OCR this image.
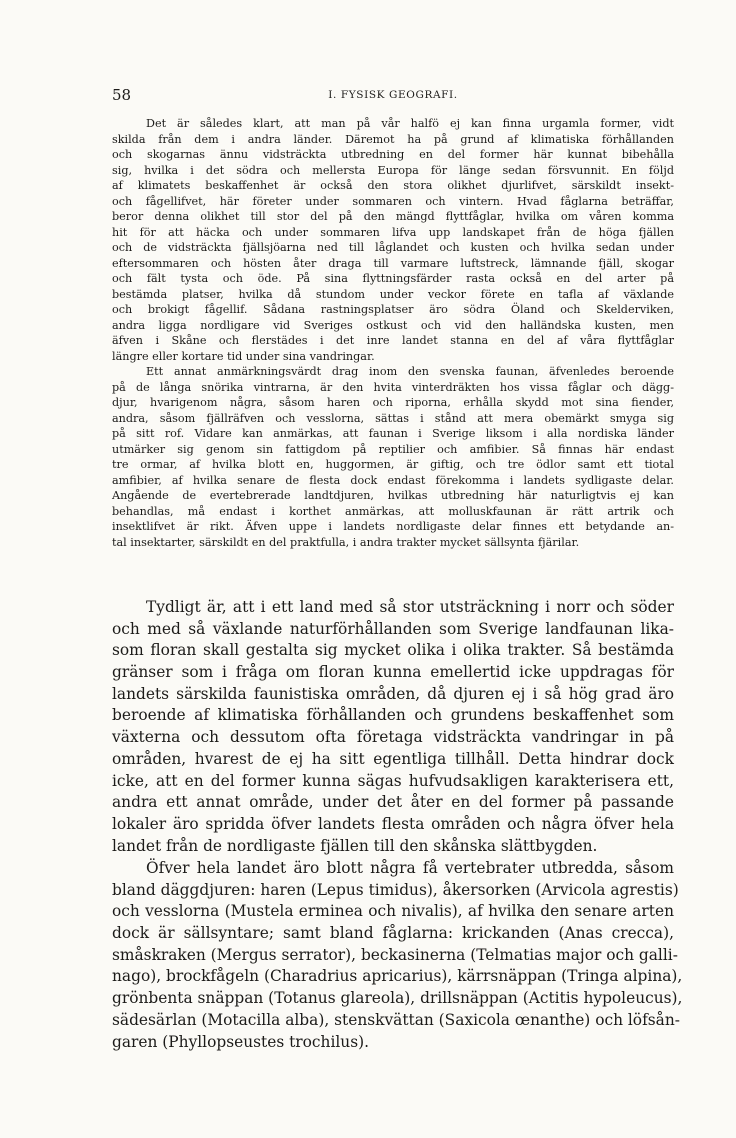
58	I. FYSISK GEOGRAFI.
Det är således klart, att man på vår halfö ej kan finna urgamla former, vidt
skilda från dem i andra länder. Däremot ha på grund af klimatiska förhållanden
och skogarnas ännu vidsträckta utbredning en del former här kunnat bibehålla
sig, hvilka i det södra och mellersta Europa för länge sedan försvunnit. En följd
af klimatets beskaffenhet är också den stora olikhet djurlifvet, särskildt insekt-
och fågellifvet, här företer under sommaren och vintern. Hvad fåglarna beträffar,
beror denna olikhet till stor del på den mängd flyttfåglar, hvilka om våren komma
hit för att häcka och under sommaren lifva upp landskapet från de höga fjällen
och de vidsträckta fjällsjöarna ned till låglandet och kusten och hvilka sedan under
eftersommaren och hösten åter draga till varmare luftstreck, lämnande fjäll, skogar
och fält tysta och öde. På sina flyttningsfärder rasta också en del arter på
bestämda platser, hvilka då stundom under veckor förete en tafla af växlande
och brokigt fågellif. Sådana rastningsplatser äro södra Öland och Skelderviken,
andra ligga nordligare vid Sveriges ostkust och vid den halländska kusten, men
äfven i Skåne och flerstädes i det inre landet stanna en del af våra flyttfåglar
längre eller kortare tid under sina vandringar.
Ett annat anmärkningsvärdt drag inom den svenska faunan, äfvenledes beroende
på de långa snörika vintrarna, är den hvita vinterdräkten hos vissa fåglar och dägg-
djur, hvarigenom några, såsom haren och riporna, erhålla skydd mot sina fiender,
andra, såsom fjällräfven och vesslorna, sättas i stånd att mera obemärkt smyga sig
på sitt rof. Vidare kan anmärkas, att faunan i Sverige liksom i alla nordiska länder
utmärker sig genom sin fattigdom på reptilier och amfibier. Så finnas här endast
tre ormar, af hvilka blott en, huggormen, är giftig, och tre ödlor samt ett tiotal
amfibier, af hvilka senare de flesta dock endast förekomma i landets sydligaste delar.
Angående de evertebrerade landtdjuren, hvilkas utbredning här naturligtvis ej kan
behandlas, må endast i korthet anmärkas, att molluskfaunan är rätt artrik och
insektlifvet är rikt. Äfven uppe i landets nordligaste delar finnes ett betydande an-
tal insektarter, särskildt en del praktfulla, i andra trakter mycket sällsynta fjärilar.
Tydligt är, att i ett land med så stor utsträckning i norr och söder
och med så växlande naturförhållanden som Sverige landfaunan lika-
som floran skall gestalta sig mycket olika i olika trakter. Så bestämda
gränser som i fråga om floran kunna emellertid icke uppdragas för
landets särskilda faunistiska områden, då djuren ej i så hög grad äro
beroende af klimatiska förhållanden och grundens beskaffenhet som
växterna och dessutom ofta företaga vidsträckta vandringar in på
områden, hvarest de ej ha sitt egentliga tillhåll. Detta hindrar dock
icke, att en del former kunna sägas hufvudsakligen karakterisera ett,
andra ett annat område, under det åter en del former på passande
lokaler äro spridda öfver landets flesta områden och några öfver hela
landet från de nordligaste fjällen till den skånska slättbygden.
Öfver hela landet äro blott några få vertebrater utbredda, såsom
bland däggdjuren: haren (Lepus timidus), åkersorken (Arvicola agrestis)
och vesslorna (Mustela erminea och nivalis), af hvilka den senare arten
dock är sällsyntare; samt bland fåglarna: krickanden (Anas crecca),
småskraken (Mergus serrator), beckasinerna (Telmatias major och galli-
nago), brockfågeln (Charadrius apricarius), kärrsnäppan (Tringa alpina),
grönbenta snäppan (Totanus glareola), drillsnäppan (Actitis hypoleucus),
sädesärlan (Motacilla alba), stenskvättan (Saxicola œnanthe) och löfsån-
garen (Phyllopseustes trochilus).
